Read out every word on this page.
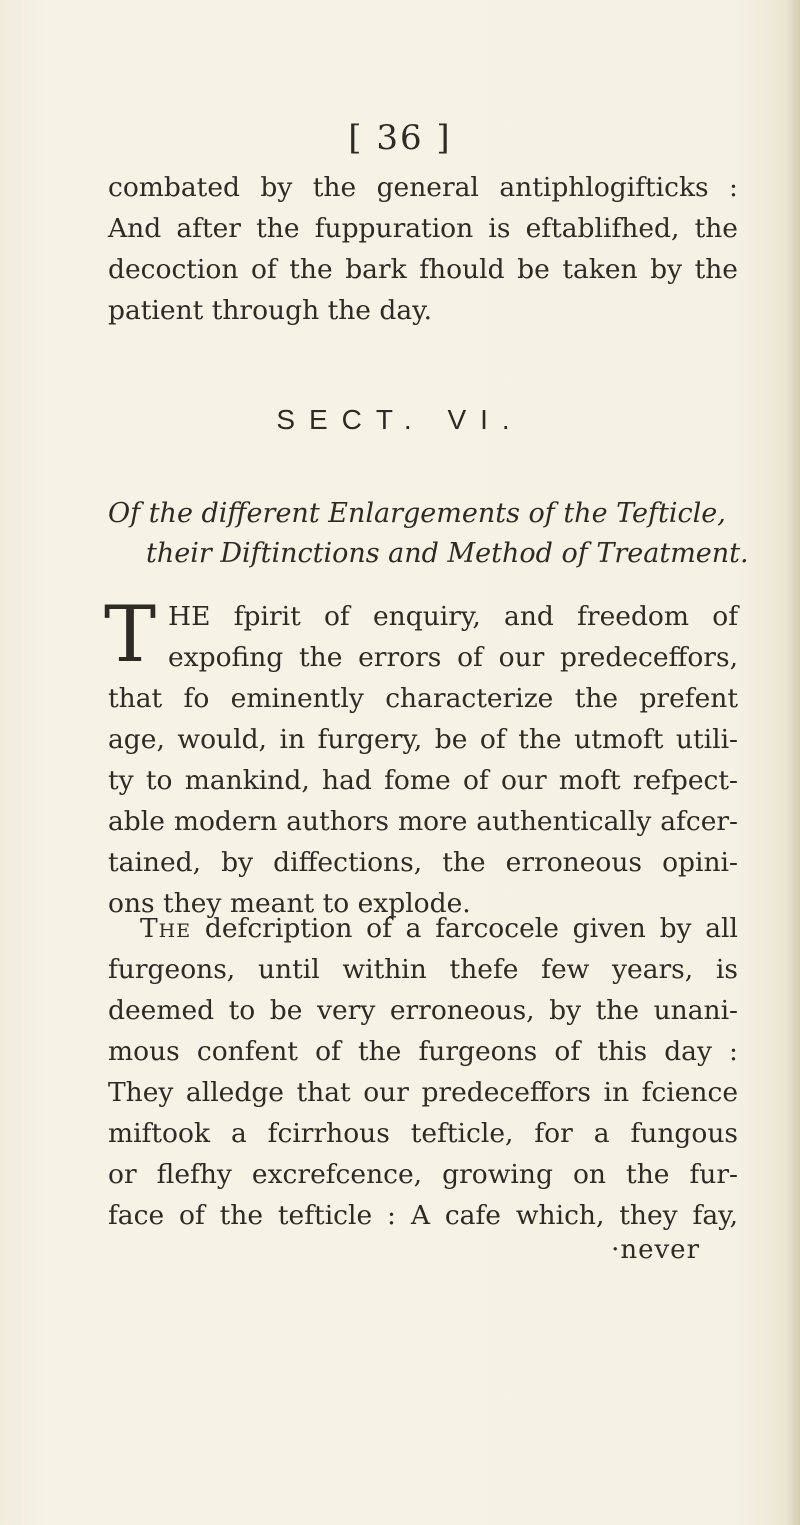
[ 36 ]
combated by the general antiphlogifticks :
And after the fuppuration is eftablifhed, the
decoction of the bark fhould be taken by the
patient through the day.
SECT. VI.
Of the different Enlargements of the Tefticle,
their Diftinctions and Method of Treatment.
T HE fpirit of enquiry, and freedom of
expofing the errors of our predeceffors,
that fo eminently characterize the prefent
age, would, in furgery, be of the utmoft utili-
ty to mankind, had fome of our moft refpect-
able modern authors more authentically afcer-
tained, by diffections, the erroneous opini-
ons they meant to explode.
The defcription of a farcocele given by all
furgeons, until within thefe few years, is
deemed to be very erroneous, by the unani-
mous confent of the furgeons of this day :
They alledge that our predeceffors in fcience
miftook a fcirrhous tefticle, for a fungous
or flefhy excrefcence, growing on the fur-
face of the tefticle : A cafe which, they fay,
·never
